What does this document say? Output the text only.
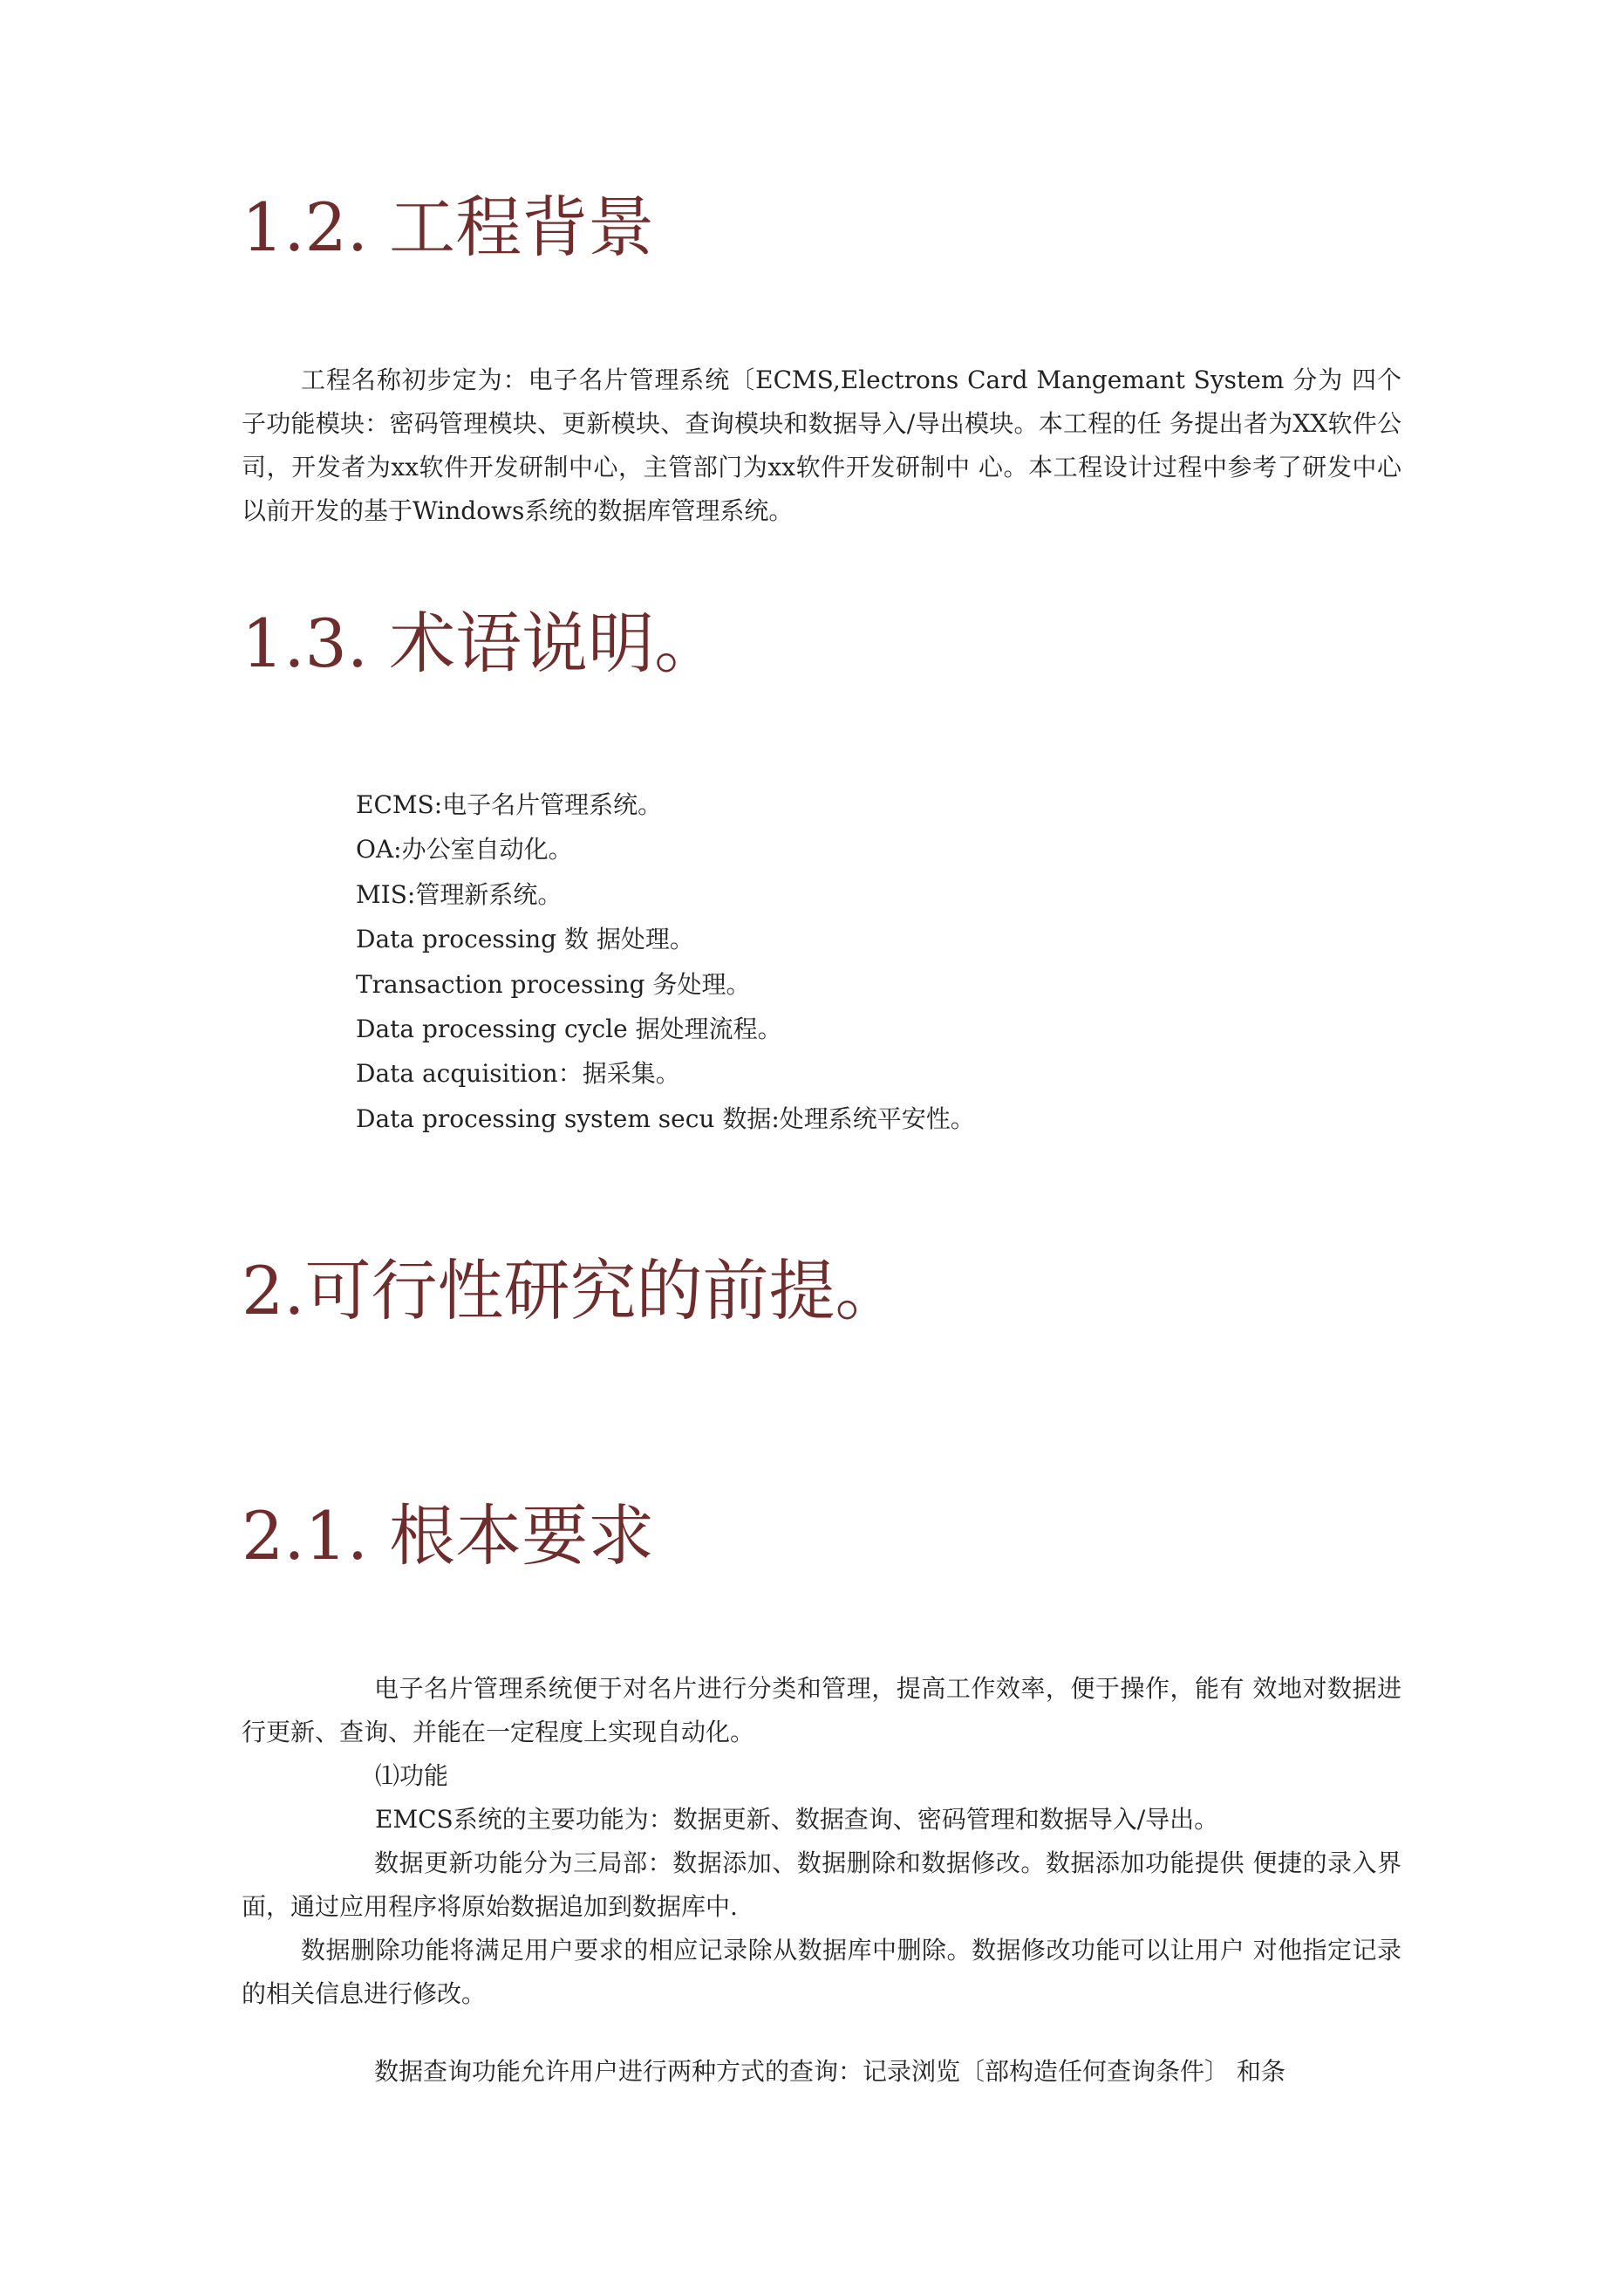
1.2. 工程背景

工程名称初步定为：电子名片管理系统〔ECMS,Electrons Card Mangemant System 分为 四个子功能模块：密码管理模块、更新模块、查询模块和数据导入/导出模块。本工程的任 务提出者为XX软件公司，开发者为xx软件开发研制中心，主管部门为xx软件开发研制中 心。本工程设计过程中参考了研发中心以前开发的基于Windows系统的数据库管理系统。

1.3. 术语说明。
ECMS:电子名片管理系统。
OA:办公室自动化。
MIS:管理新系统。
Data processing 数 据处理。
Transaction processing 务处理。
Data processing cycle 据处理流程。
Data acquisition：据采集。
Data processing system secu 数据:处理系统平安性。
2.可行性研究的前提。
2.1. 根本要求

电子名片管理系统便于对名片进行分类和管理，提高工作效率，便于操作，能有 效地对数据进行更新、查询、并能在一定程度上实现自动化。

⑴功能

EMCS系统的主要功能为：数据更新、数据查询、密码管理和数据导入/导出。

数据更新功能分为三局部：数据添加、数据删除和数据修改。数据添加功能提供 便捷的录入界面，通过应用程序将原始数据追加到数据库中.

数据删除功能将满足用户要求的相应记录除从数据库中删除。数据修改功能可以让用户 对他指定记录的相关信息进行修改。

数据查询功能允许用户进行两种方式的查询：记录浏览〔部构造任何查询条件〕 和条
